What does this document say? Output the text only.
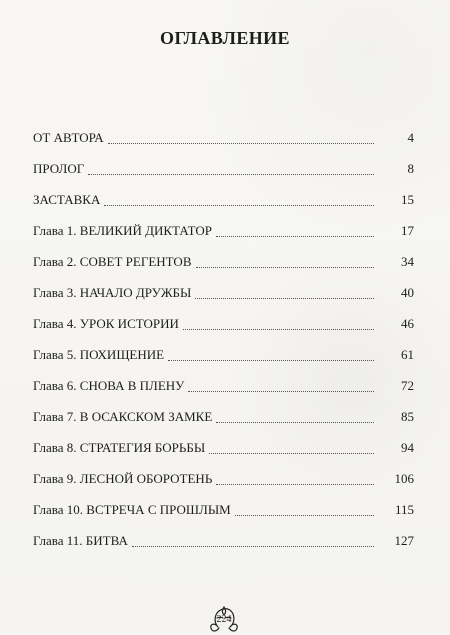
ОГЛАВЛЕНИЕ
ОТ АВТОРА	4
ПРОЛОГ	8
ЗАСТАВКА	15
Глава 1. ВЕЛИКИЙ ДИКТАТОР	17
Глава 2. СОВЕТ РЕГЕНТОВ	34
Глава 3. НАЧАЛО ДРУЖБЫ	40
Глава 4. УРОК ИСТОРИИ	46
Глава 5. ПОХИЩЕНИЕ	61
Глава 6. СНОВА В ПЛЕНУ	72
Глава 7. В ОСАКСКОМ ЗАМКЕ	85
Глава 8. СТРАТЕГИЯ БОРЬБЫ	94
Глава 9. ЛЕСНОЙ ОБОРОТЕНЬ	106
Глава 10. ВСТРЕЧА С ПРОШЛЫМ	115
Глава 11. БИТВА	127
224
